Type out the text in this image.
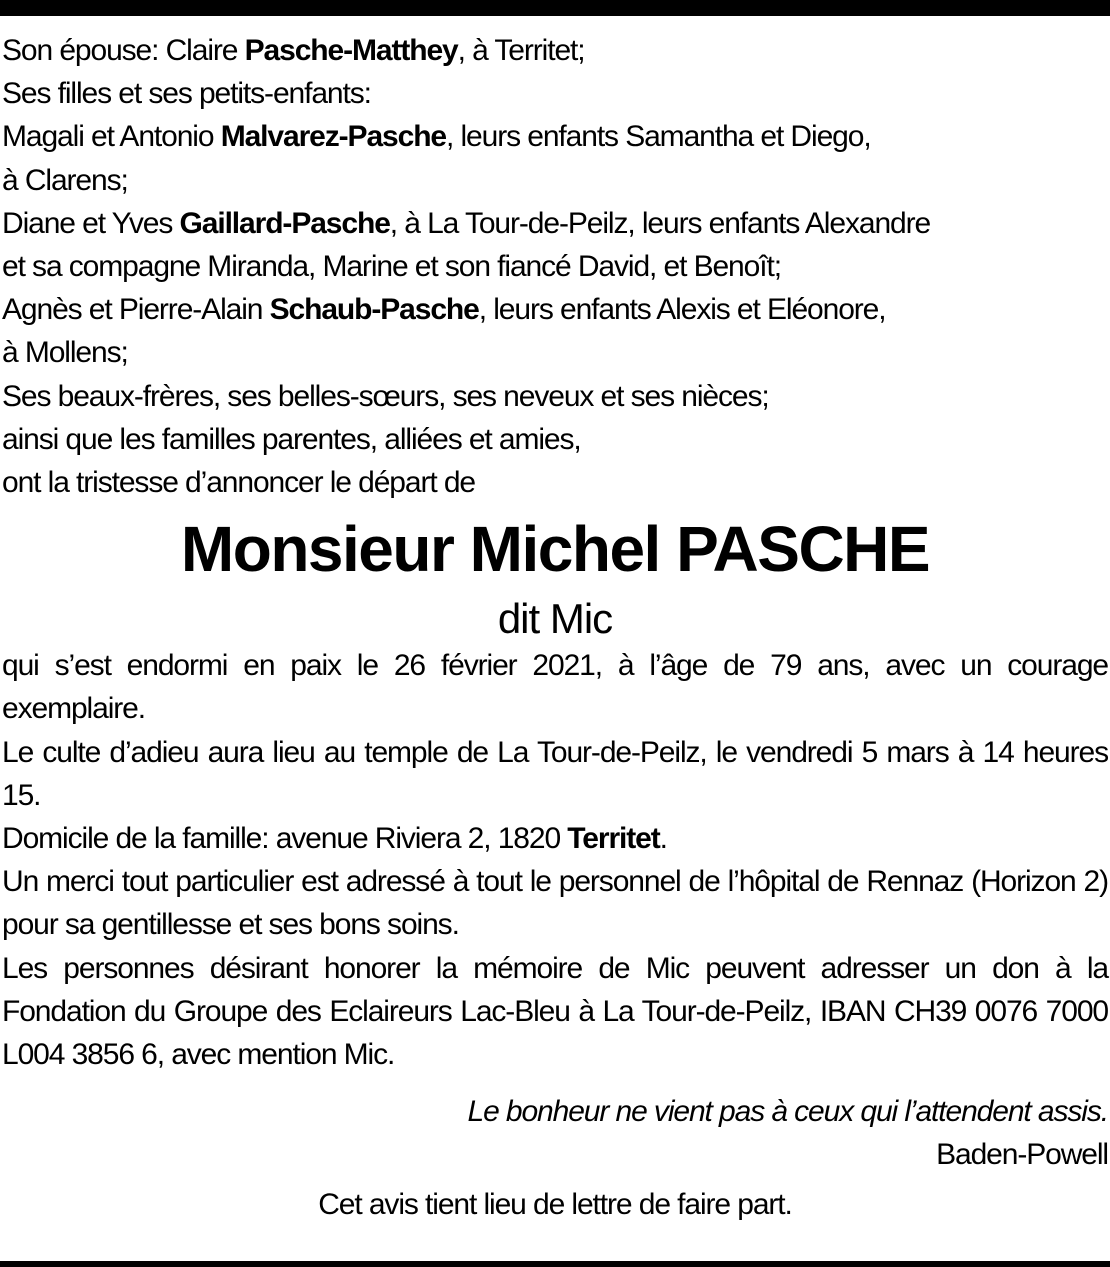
Son épouse: Claire Pasche-Matthey, à Territet;

Ses filles et ses petits-enfants:

Magali et Antonio Malvarez-Pasche, leurs enfants Samantha et Diego,

à Clarens;

Diane et Yves Gaillard-Pasche, à La Tour-de-Peilz, leurs enfants Alexandre

et sa compagne Miranda, Marine et son fiancé David, et Benoît;

Agnès et Pierre-Alain Schaub-Pasche, leurs enfants Alexis et Eléonore,

à Mollens;

Ses beaux-frères, ses belles-sœurs, ses neveux et ses nièces;

ainsi que les familles parentes, alliées et amies,

ont la tristesse d’annoncer le départ de

Monsieur Michel PASCHE

dit Mic

qui s’est endormi en paix le 26 février 2021, à l’âge de 79 ans, avec un courage exemplaire.

Le culte d’adieu aura lieu au temple de La Tour-de-Peilz, le vendredi 5 mars à 14 heures 15.

Domicile de la famille: avenue Riviera 2, 1820 Territet.

Un merci tout particulier est adressé à tout le personnel de l’hôpital de Rennaz (Horizon 2) pour sa gentillesse et ses bons soins.

Les personnes désirant honorer la mémoire de Mic peuvent adresser un don à la Fondation du Groupe des Eclaireurs Lac-Bleu à La Tour-de-Peilz, IBAN CH39 0076 7000 L004 3856 6, avec mention Mic.

Le bonheur ne vient pas à ceux qui l’attendent assis.

Baden-Powell

Cet avis tient lieu de lettre de faire part.
